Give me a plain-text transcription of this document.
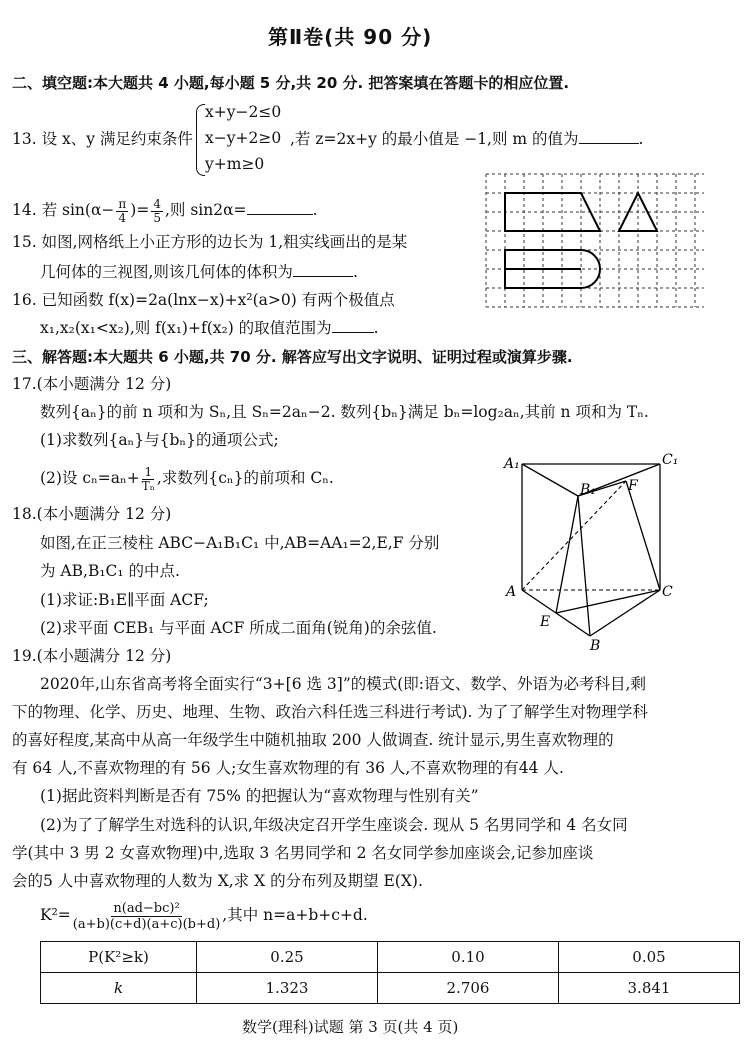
第Ⅱ卷(共 90 分)
二、填空题:本大题共 4 小题,每小题 5 分,共 20 分. 把答案填在答题卡的相应位置.
13. 设 x、y 满足约束条件
x+y−2≤0
x−y+2≥0
y+m≥0
,若 z=2x+y 的最小值是 −1,则 m 的值为	.
14. 若 $\sin(\alpha- \frac{\pi}{4}$ )= $\frac{4}{5}$ ,则 sin2α=	.
15. 如图,网格纸上小正方形的边长为 1,粗实线画出的是某
几何体的三视图,则该几何体的体积为	.
16. 已知函数 f(x)=2a(lnx−x)+x²(a>0) 有两个极值点
x₁,x₂(x₁<x₂),则 f(x₁)+f(x₂) 的取值范围为	.
三、解答题:本大题共 6 小题,共 70 分. 解答应写出文字说明、证明过程或演算步骤.
17.(本小题满分 12 分)
数列{aₙ}的前 n 项和为 Sₙ,且 Sₙ=2aₙ−2. 数列{bₙ}满足 bₙ=log₂aₙ,其前 n 项和为 Tₙ.
(1)求数列{aₙ}与{bₙ}的通项公式;
(2)设 $c_n=a_n+ \frac{1}{\text{Tₙ}}$ ,求数列{cₙ}的前项和 Cₙ.
18.(本小题满分 12 分)
如图,在正三棱柱 ABC−A₁B₁C₁ 中,AB=AA₁=2,E,F 分别
为 AB,B₁C₁ 的中点.
(1)求证:B₁E∥平面 ACF;
(2)求平面 CEB₁ 与平面 ACF 所成二面角(锐角)的余弦值.
A₁	C₁
B₁ F
A	C
E
B
19.(本小题满分 12 分)
2020年,山东省高考将全面实行“3+[6 选 3]”的模式(即:语文、数学、外语为必考科目,剩
下的物理、化学、历史、地理、生物、政治六科任选三科进行考试). 为了了解学生对物理学科
的喜好程度,某高中从高一年级学生中随机抽取 200 人做调查. 统计显示,男生喜欢物理的
有 64 人,不喜欢物理的有 56 人;女生喜欢物理的有 36 人,不喜欢物理的有44 人.
(1)据此资料判断是否有 75% 的把握认为“喜欢物理与性别有关”
(2)为了了解学生对选科的认识,年级决定召开学生座谈会. 现从 5 名男同学和 4 名女同
学(其中 3 男 2 女喜欢物理)中,选取 3 名男同学和 2 名女同学参加座谈会,记参加座谈
会的5 人中喜欢物理的人数为 X,求 X 的分布列及期望 E(X).
$K^2= \frac{\text{n(ad−bc)²}}{(a+b)(c+d)(a+c)(b+d)}$ ,其中 n=a+b+c+d.
P(K²≥k)	0.25	0.10	0.05
k	1.323	2.706	3.841
数学(理科)试题 第 3 页(共 4 页)
